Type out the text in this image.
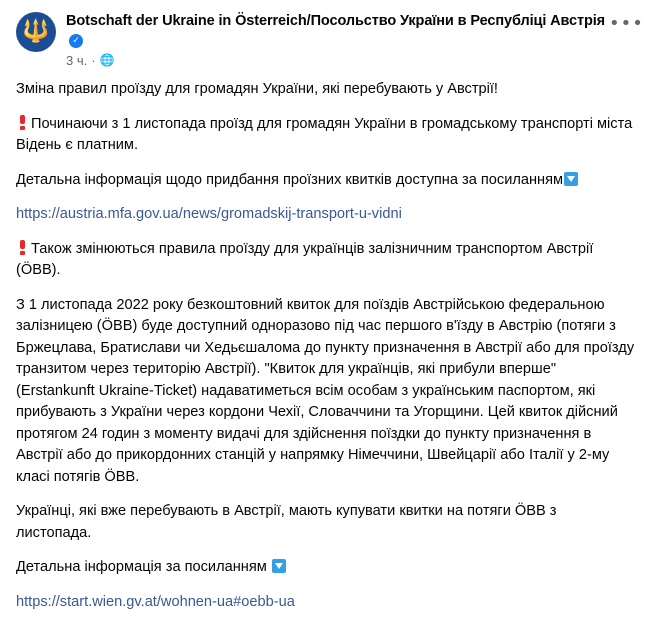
🔱 Botschaft der Ukraine in Österreich/Посольство України в Республіці Австрія✓
3 ч. · 🌐
•••

Зміна правил проїзду для громадян України, які перебувають у Австрії!

Починаючи з 1 листопада проїзд для громадян України в громадському транспорті міста Відень є платним.

Детальна інформація щодо придбання проїзних квитків доступна за посиланням

https://austria.mfa.gov.ua/news/gromadskij-transport-u-vidni

Також змінюються правила проїзду для українців залізничним транспортом Австрії (ÖBB).

З 1 листопада 2022 року безкоштовний квиток для поїздів Австрійською федеральною залізницею (ÖBB) буде доступний одноразово під час першого в'їзду в Австрію (потяги з Бржецлава, Братислави чи Хедьєшалома до пункту призначення в Австрії або для проїзду транзитом через територію Австрії). "Квиток для українців, які прибули вперше" (Erstankunft Ukraine-Ticket) надаватиметься всім особам з українським паспортом, які прибувають з України через кордони Чехії, Словаччини та Угорщини. Цей квиток дійсний протягом 24 годин з моменту видачі для здійснення поїздки до пункту призначення в Австрії або до прикордонних станцій у напрямку Німеччини, Швейцарії або Італії у 2-му класі потягів ÖBB.

Українці, які вже перебувають в Австрії, мають купувати квитки на потяги ÖBB з листопада.

Детальна інформація за посиланням

https://start.wien.gv.at/wohnen-ua#oebb-ua
